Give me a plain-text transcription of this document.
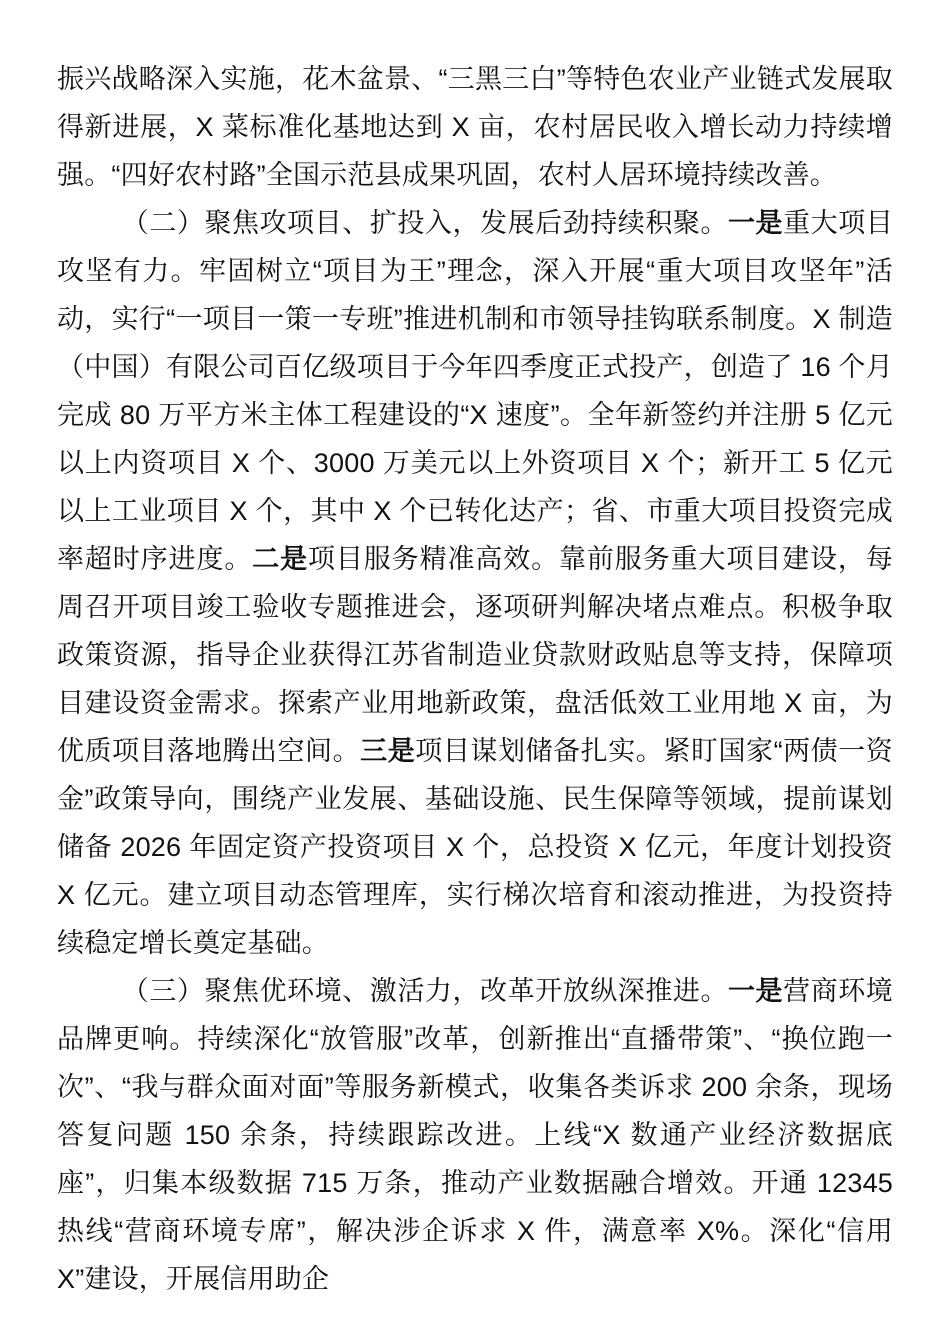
振兴战略深入实施，花木盆景、“三黑三白”等特色农业产业链式发展取得新进展，X 菜标准化基地达到 X 亩，农村居民收入增长动力持续增强。“四好农村路”全国示范县成果巩固，农村人居环境持续改善。

（二）聚焦攻项目、扩投入，发展后劲持续积聚。一是重大项目攻坚有力。牢固树立“项目为王”理念，深入开展“重大项目攻坚年”活动，实行“一项目一策一专班”推进机制和市领导挂钩联系制度。X 制造（中国）有限公司百亿级项目于今年四季度正式投产，创造了 16 个月完成 80 万平方米主体工程建设的“X 速度”。全年新签约并注册 5 亿元以上内资项目 X 个、3000 万美元以上外资项目 X 个；新开工 5 亿元以上工业项目 X 个，其中 X 个已转化达产；省、市重大项目投资完成率超时序进度。二是项目服务精准高效。靠前服务重大项目建设，每周召开项目竣工验收专题推进会，逐项研判解决堵点难点。积极争取政策资源，指导企业获得江苏省制造业贷款财政贴息等支持，保障项目建设资金需求。探索产业用地新政策，盘活低效工业用地 X 亩，为优质项目落地腾出空间。三是项目谋划储备扎实。紧盯国家“两债一资金”政策导向，围绕产业发展、基础设施、民生保障等领域，提前谋划储备 2026 年固定资产投资项目 X 个，总投资 X 亿元，年度计划投资 X 亿元。建立项目动态管理库，实行梯次培育和滚动推进，为投资持续稳定增长奠定基础。

（三）聚焦优环境、激活力，改革开放纵深推进。一是营商环境品牌更响。持续深化“放管服”改革，创新推出“直播带策”、“换位跑一次”、“我与群众面对面”等服务新模式，收集各类诉求 200 余条，现场答复问题 150 余条，持续跟踪改进。上线“X 数通产业经济数据底座”，归集本级数据 715 万条，推动产业数据融合增效。开通 12345 热线“营商环境专席”，解决涉企诉求 X 件，满意率 X%。深化“信用 X”建设，开展信用助企
